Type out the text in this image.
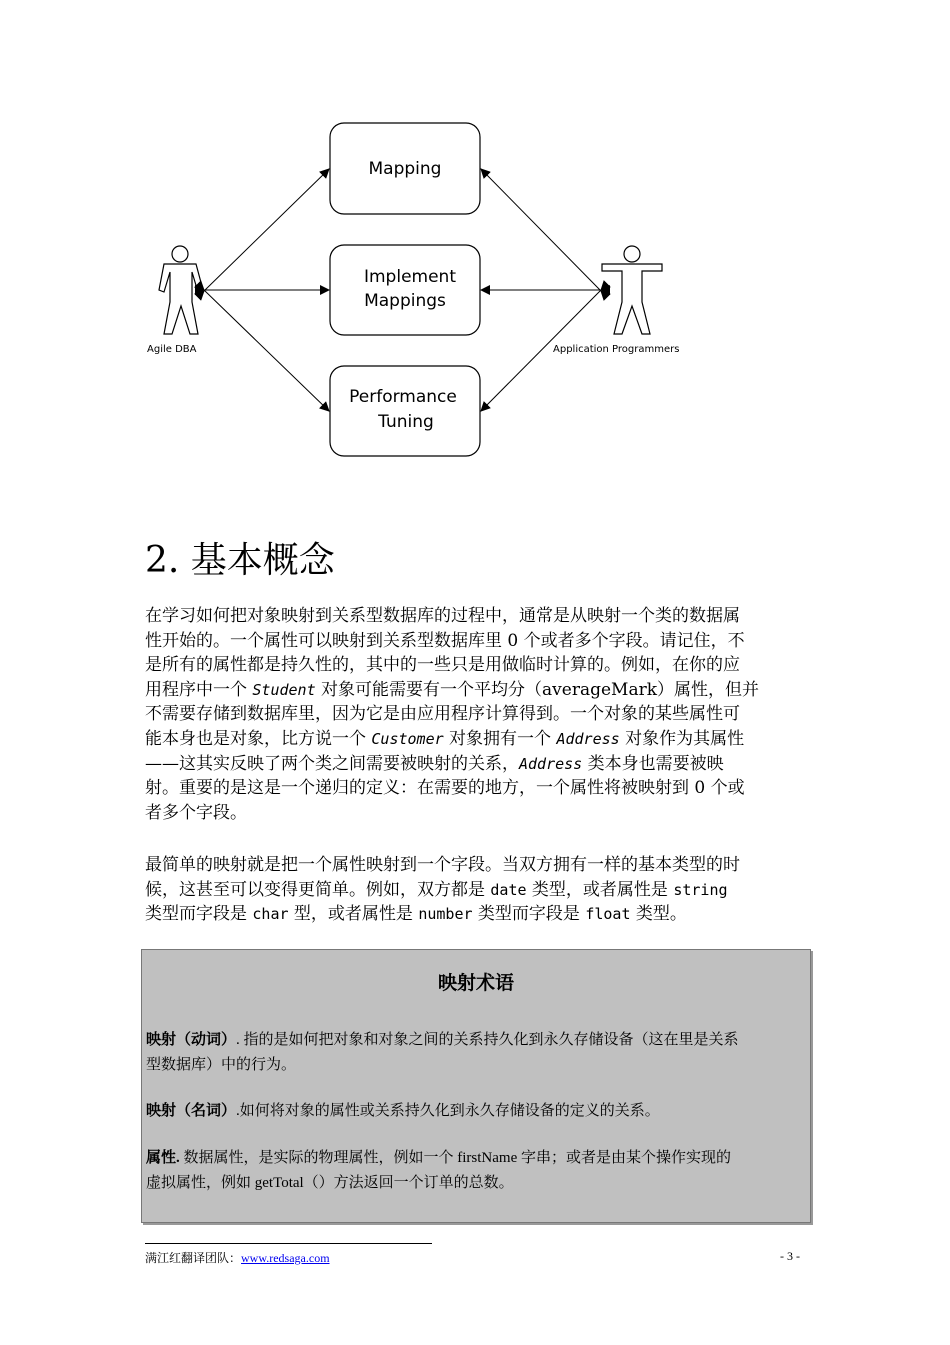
Mapping
Implement
Mappings
Performance
Tuning
Agile DBA	Application Programmers
2. 基本概念
在学习如何把对象映射到关系型数据库的过程中，通常是从映射一个类的数据属
性开始的。一个属性可以映射到关系型数据库里 0 个或者多个字段。请记住，不
是所有的属性都是持久性的，其中的一些只是用做临时计算的。例如，在你的应
用程序中一个 Student 对象可能需要有一个平均分（averageMark）属性，但并
不需要存储到数据库里，因为它是由应用程序计算得到。一个对象的某些属性可
能本身也是对象，比方说一个 Customer 对象拥有一个 Address 对象作为其属性
——这其实反映了两个类之间需要被映射的关系，Address 类本身也需要被映
射。重要的是这是一个递归的定义：在需要的地方，一个属性将被映射到 0 个或
者多个字段。
最简单的映射就是把一个属性映射到一个字段。当双方拥有一样的基本类型的时
候，这甚至可以变得更简单。例如，双方都是 date 类型，或者属性是 string
类型而字段是 char 型，或者属性是 number 类型而字段是 float 类型。
映射术语
映射（动词）. 指的是如何把对象和对象之间的关系持久化到永久存储设备（这在里是关系
型数据库）中的行为。
映射（名词）.如何将对象的属性或关系持久化到永久存储设备的定义的关系。
属性. 数据属性，是实际的物理属性，例如一个 firstName 字串；或者是由某个操作实现的
虚拟属性，例如 getTotal（）方法返回一个订单的总数。
满江红翻译团队：www.redsaga.com	- 3 -
